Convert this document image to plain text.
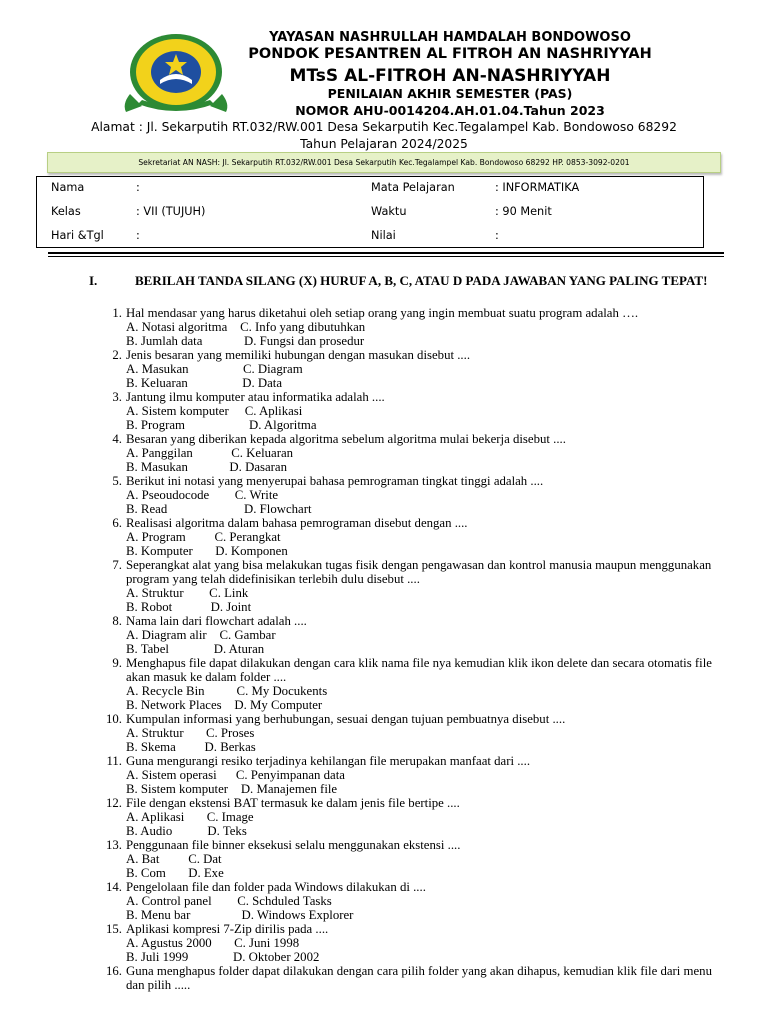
YAYASAN NASHRULLAH HAMDALAH BONDOWOSO
PONDOK PESANTREN AL FITROH AN NASHRIYYAH
MTsS AL-FITROH AN-NASHRIYYAH
PENILAIAN AKHIR SEMESTER (PAS)
NOMOR AHU-0014204.AH.01.04.Tahun 2023
Alamat : Jl. Sekarputih RT.032/RW.001 Desa Sekarputih Kec.Tegalampel Kab. Bondowoso 68292
Tahun Pelajaran 2024/2025
Sekretariat AN NASH: Jl. Sekarputih RT.032/RW.001 Desa Sekarputih Kec.Tegalampel Kab. Bondowoso 68292 HP. 0853-3092-0201
Nama	:
Kelas	: VII (TUJUH)
Hari &Tgl	:
Mata Pelajaran	: INFORMATIKA
Waktu	: 90 Menit
Nilai	:
I.	BERILAH TANDA SILANG (X) HURUF A, B, C, ATAU D PADA JAWABAN YANG PALING TEPAT!
1. Hal mendasar yang harus diketahui oleh setiap orang yang ingin membuat suatu program adalah ….
A. Notasi algoritma    C. Info yang dibutuhkan
B. Jumlah data             D. Fungsi dan prosedur
2. Jenis besaran yang memiliki hubungan dengan masukan disebut ....
A. Masukan                 C. Diagram
B. Keluaran                 D. Data
3. Jantung ilmu komputer atau informatika adalah ....
A. Sistem komputer     C. Aplikasi
B. Program                    D. Algoritma
4. Besaran yang diberikan kepada algoritma sebelum algoritma mulai bekerja disebut ....
A. Panggilan            C. Keluaran
B. Masukan             D. Dasaran
5. Berikut ini notasi yang menyerupai bahasa pemrograman tingkat tinggi adalah ....
A. Pseoudocode        C. Write
B. Read                        D. Flowchart
6. Realisasi algoritma dalam bahasa pemrograman disebut dengan ....
A. Program         C. Perangkat
B. Komputer       D. Komponen
7. Seperangkat alat yang bisa melakukan tugas fisik dengan pengawasan dan kontrol manusia maupun menggunakan program yang telah didefinisikan terlebih dulu disebut ....
A. Struktur        C. Link
B. Robot            D. Joint
8. Nama lain dari flowchart adalah ....
A. Diagram alir    C. Gambar
B. Tabel              D. Aturan
9. Menghapus file dapat dilakukan dengan cara klik nama file nya kemudian klik ikon delete dan secara otomatis file akan masuk ke dalam folder ....
A. Recycle Bin          C. My Docukents
B. Network Places    D. My Computer
10. Kumpulan informasi yang berhubungan, sesuai dengan tujuan pembuatnya disebut ....
A. Struktur       C. Proses
B. Skema         D. Berkas
11. Guna mengurangi resiko terjadinya kehilangan file merupakan manfaat dari ....
A. Sistem operasi      C. Penyimpanan data
B. Sistem komputer    D. Manajemen file
12. File dengan ekstensi BAT termasuk ke dalam jenis file bertipe ....
A. Aplikasi       C. Image
B. Audio           D. Teks
13. Penggunaan file binner eksekusi selalu menggunakan ekstensi ....
A. Bat         C. Dat
B. Com       D. Exe
14. Pengelolaan file dan folder pada Windows dilakukan di ....
A. Control panel        C. Schduled Tasks
B. Menu bar                D. Windows Explorer
15. Aplikasi kompresi 7-Zip dirilis pada ....
A. Agustus 2000       C. Juni 1998
B. Juli 1999              D. Oktober 2002
16. Guna menghapus folder dapat dilakukan dengan cara pilih folder yang akan dihapus, kemudian klik file dari menu dan pilih .....
